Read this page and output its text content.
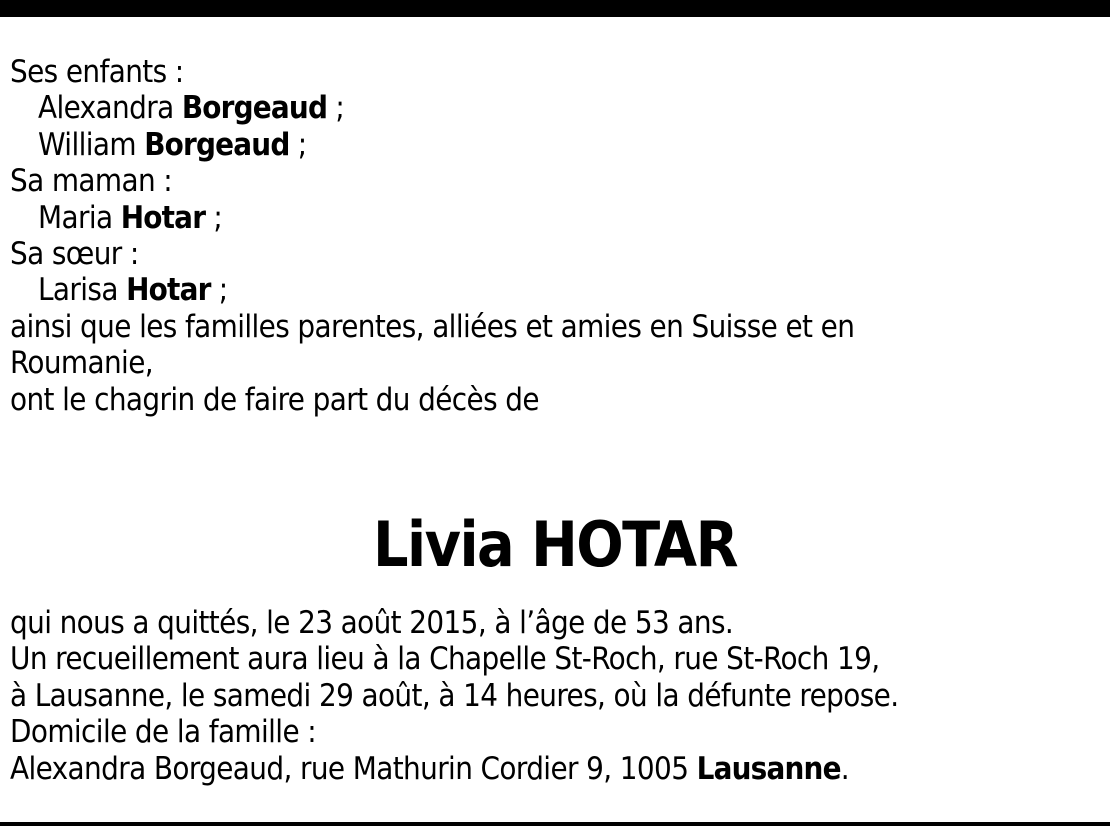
Ses enfants :
Alexandra Borgeaud ;
William Borgeaud ;
Sa maman :
Maria Hotar ;
Sa sœur :
Larisa Hotar ;
ainsi que les familles parentes, alliées et amies en Suisse et en
Roumanie,
ont le chagrin de faire part du décès de
Livia HOTAR
qui nous a quittés, le 23 août 2015, à l’âge de 53 ans.
Un recueillement aura lieu à la Chapelle St-Roch, rue St-Roch 19,
à Lausanne, le samedi 29 août, à 14 heures, où la défunte repose.
Domicile de la famille :
Alexandra Borgeaud, rue Mathurin Cordier 9, 1005 Lausanne.
